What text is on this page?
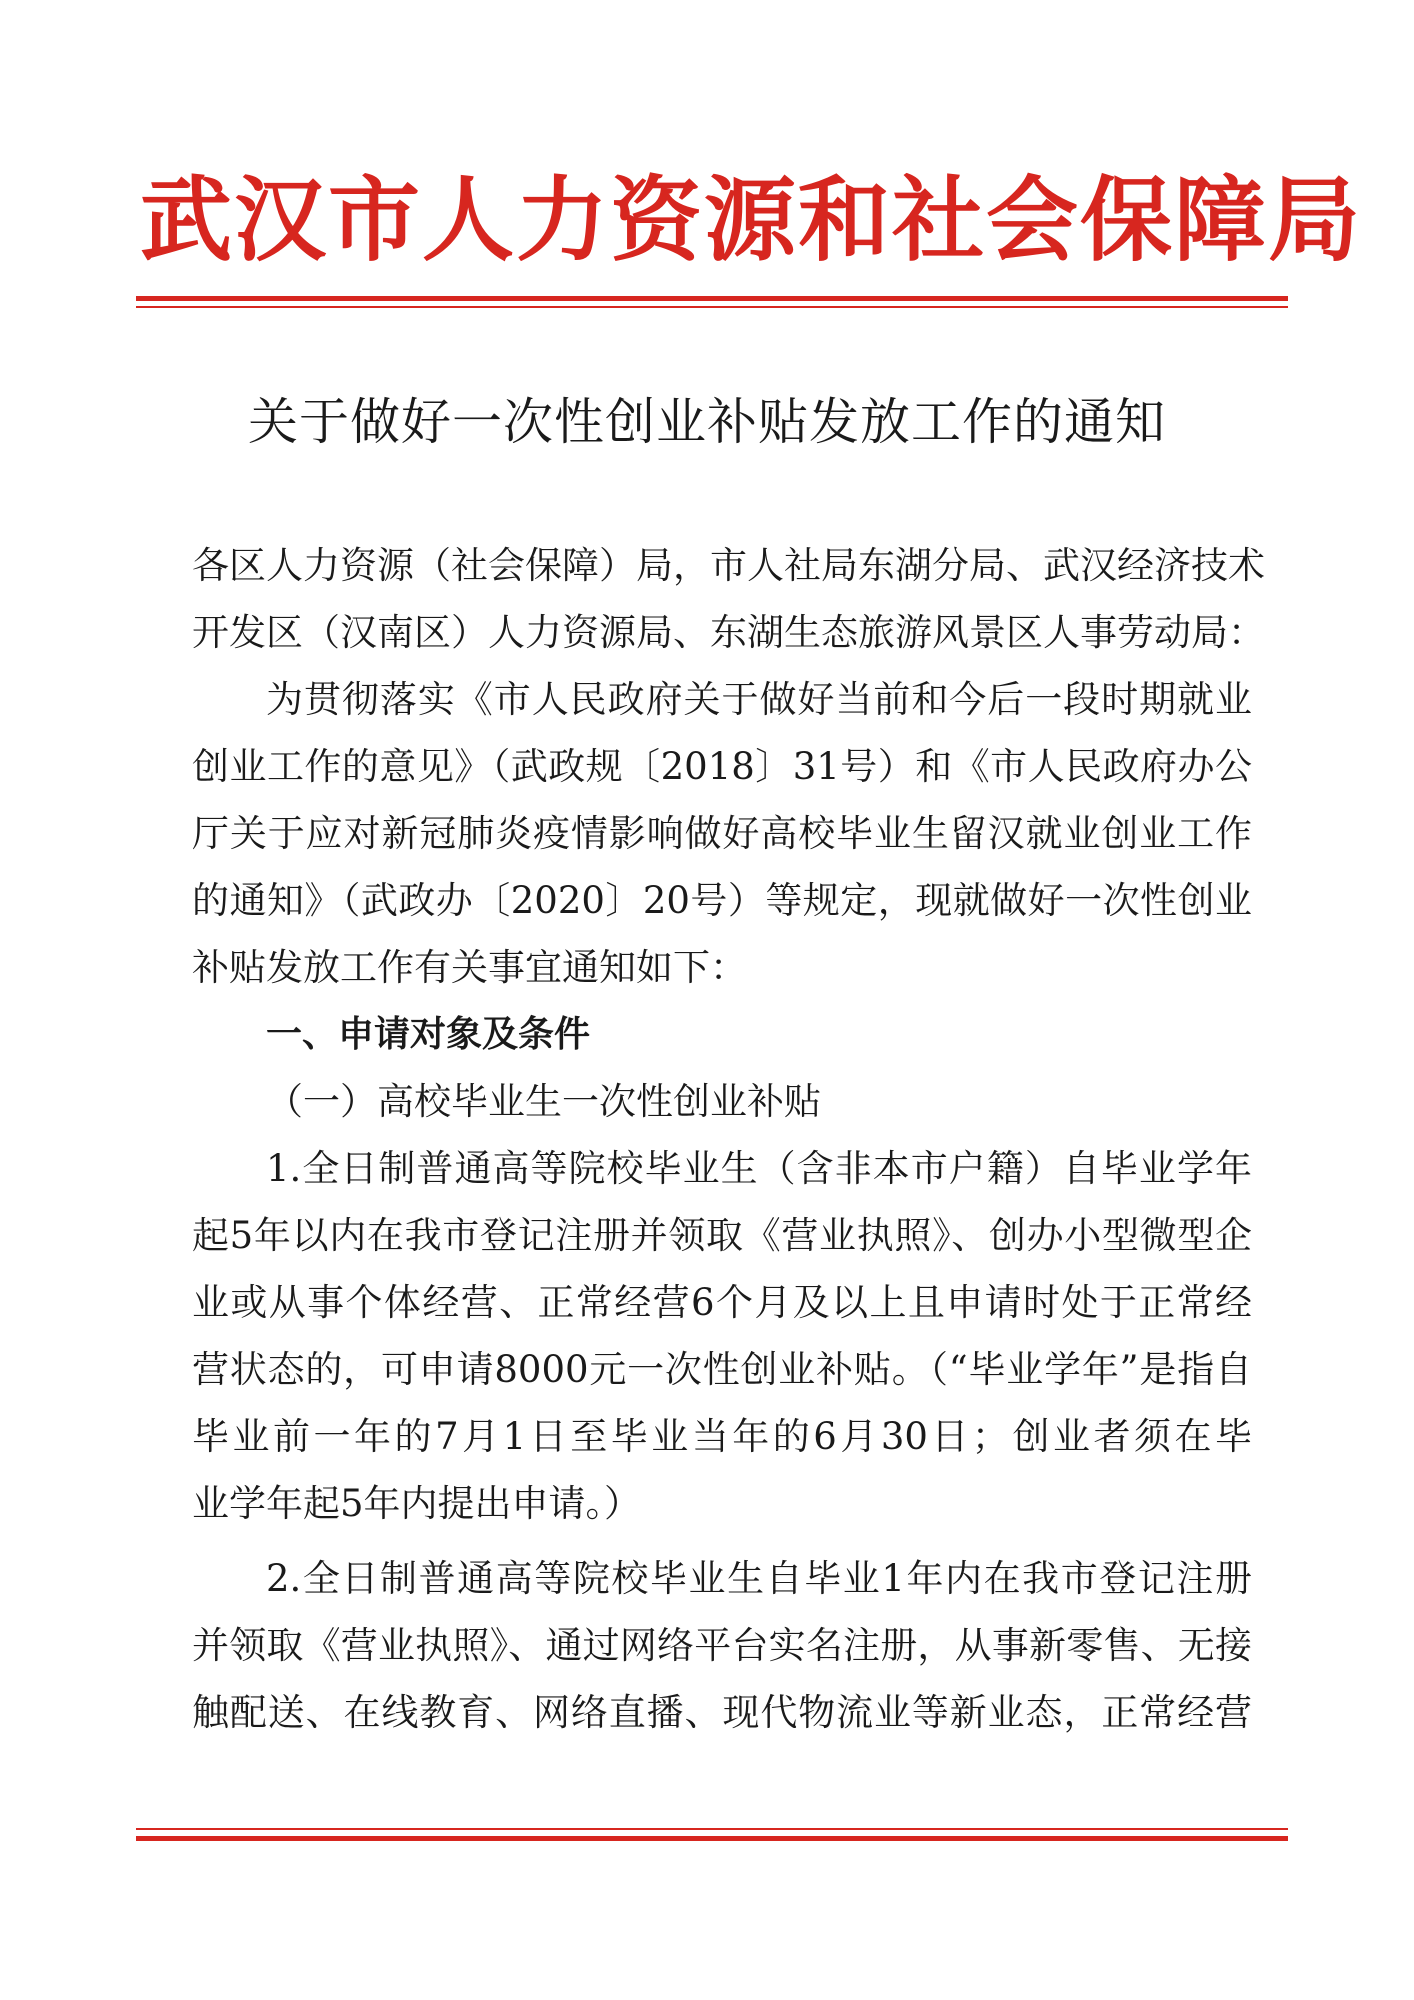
武汉市人力资源和社会保障局
关于做好一次性创业补贴发放工作的通知
各区人力资源（社会保障）局，市人社局东湖分局、武汉经济技术
开发区（汉南区）人力资源局、东湖生态旅游风景区人事劳动局：
为贯彻落实《市人民政府关于做好当前和今后一段时期就业
创业工作的意见》（武政规〔2018〕31号）和《市人民政府办公
厅关于应对新冠肺炎疫情影响做好高校毕业生留汉就业创业工作
的通知》（武政办〔2020〕20号）等规定，现就做好一次性创业
补贴发放工作有关事宜通知如下：
一、申请对象及条件
（一）高校毕业生一次性创业补贴
1.全日制普通高等院校毕业生（含非本市户籍）自毕业学年
起5年以内在我市登记注册并领取《营业执照》、创办小型微型企
业或从事个体经营、正常经营6个月及以上且申请时处于正常经
营状态的，可申请8000元一次性创业补贴。（“毕业学年”是指自
毕业前一年的7月1日至毕业当年的6月30日；创业者须在毕
业学年起5年内提出申请。）
2.全日制普通高等院校毕业生自毕业1年内在我市登记注册
并领取《营业执照》、通过网络平台实名注册，从事新零售、无接
触配送、在线教育、网络直播、现代物流业等新业态，正常经营
